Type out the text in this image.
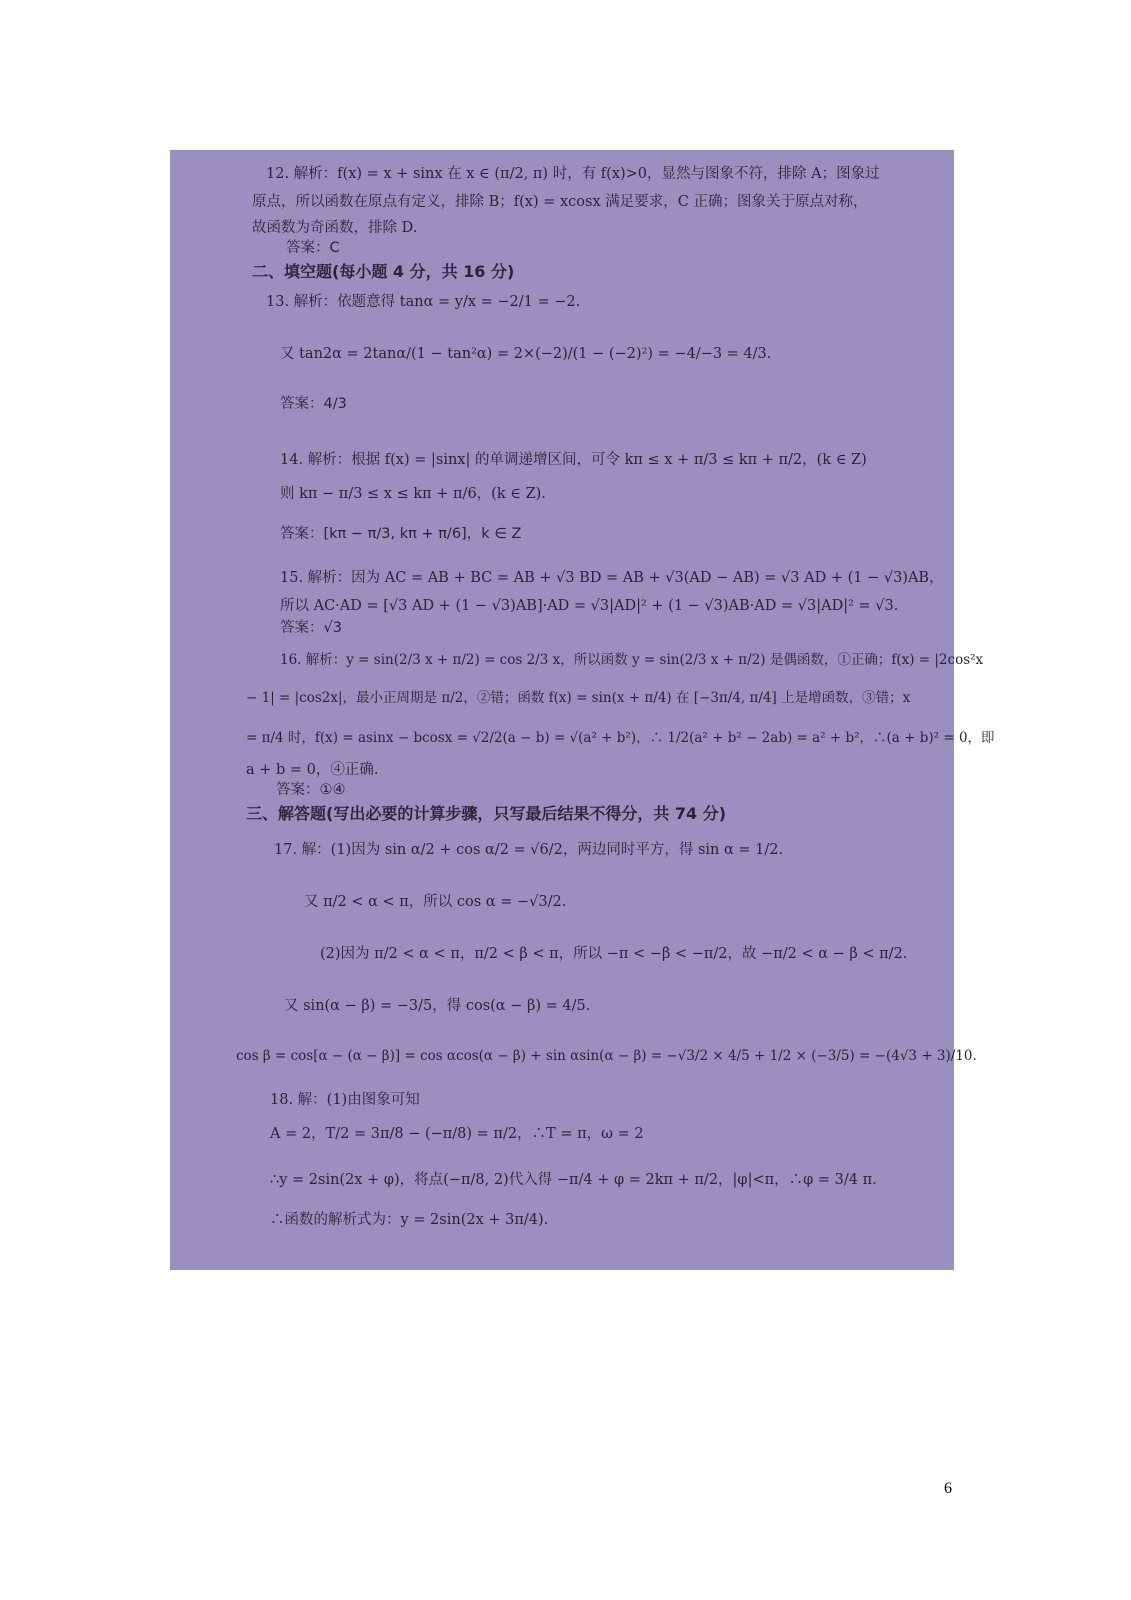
12. 解析：f(x) = x + sinx 在 x ∈ (π/2, π) 时，有 f(x)>0，显然与图象不符，排除 A；图象过
原点，所以函数在原点有定义，排除 B；f(x) = xcosx 满足要求，C 正确；图象关于原点对称，
故函数为奇函数，排除 D.
答案：C
二、填空题(每小题 4 分，共 16 分)
13. 解析：依题意得 tanα = y/x = −2/1 = −2.
又 tan2α = 2tanα/(1 − tan²α) = 2×(−2)/(1 − (−2)²) = −4/−3 = 4/3.
答案：4/3
14. 解析：根据 f(x) = |sinx| 的单调递增区间，可令 kπ ≤ x + π/3 ≤ kπ + π/2，(k ∈ Z)
则 kπ − π/3 ≤ x ≤ kπ + π/6，(k ∈ Z).
答案：[kπ − π/3, kπ + π/6]，k ∈ Z
15. 解析：因为 AC = AB + BC = AB + √3 BD = AB + √3(AD − AB) = √3 AD + (1 − √3)AB，
所以 AC·AD = [√3 AD + (1 − √3)AB]·AD = √3|AD|² + (1 − √3)AB·AD = √3|AD|² = √3.
答案：√3
16. 解析：y = sin(2/3 x + π/2) = cos 2/3 x，所以函数 y = sin(2/3 x + π/2) 是偶函数，①正确；f(x) = |2cos²x
− 1| = |cos2x|，最小正周期是 π/2，②错；函数 f(x) = sin(x + π/4) 在 [−3π/4, π/4] 上是增函数，③错；x
= π/4 时，f(x) = asinx − bcosx = √2/2(a − b) = √(a² + b²)，∴ 1/2(a² + b² − 2ab) = a² + b²，∴(a + b)² = 0，即
a + b = 0，④正确.
答案：①④
三、解答题(写出必要的计算步骤，只写最后结果不得分，共 74 分)
17. 解：(1)因为 sin α/2 + cos α/2 = √6/2，两边同时平方，得 sin α = 1/2.
又 π/2 < α < π，所以 cos α = −√3/2.
(2)因为 π/2 < α < π，π/2 < β < π，所以 −π < −β < −π/2，故 −π/2 < α − β < π/2.
又 sin(α − β) = −3/5，得 cos(α − β) = 4/5.
cos β = cos[α − (α − β)] = cos αcos(α − β) + sin αsin(α − β) = −√3/2 × 4/5 + 1/2 × (−3/5) = −(4√3 + 3)/10.
18. 解：(1)由图象可知
A = 2，T/2 = 3π/8 − (−π/8) = π/2，∴T = π，ω = 2
∴y = 2sin(2x + φ)，将点(−π/8, 2)代入得 −π/4 + φ = 2kπ + π/2，|φ|<π，∴φ = 3/4 π.
∴函数的解析式为：y = 2sin(2x + 3π/4).
6
